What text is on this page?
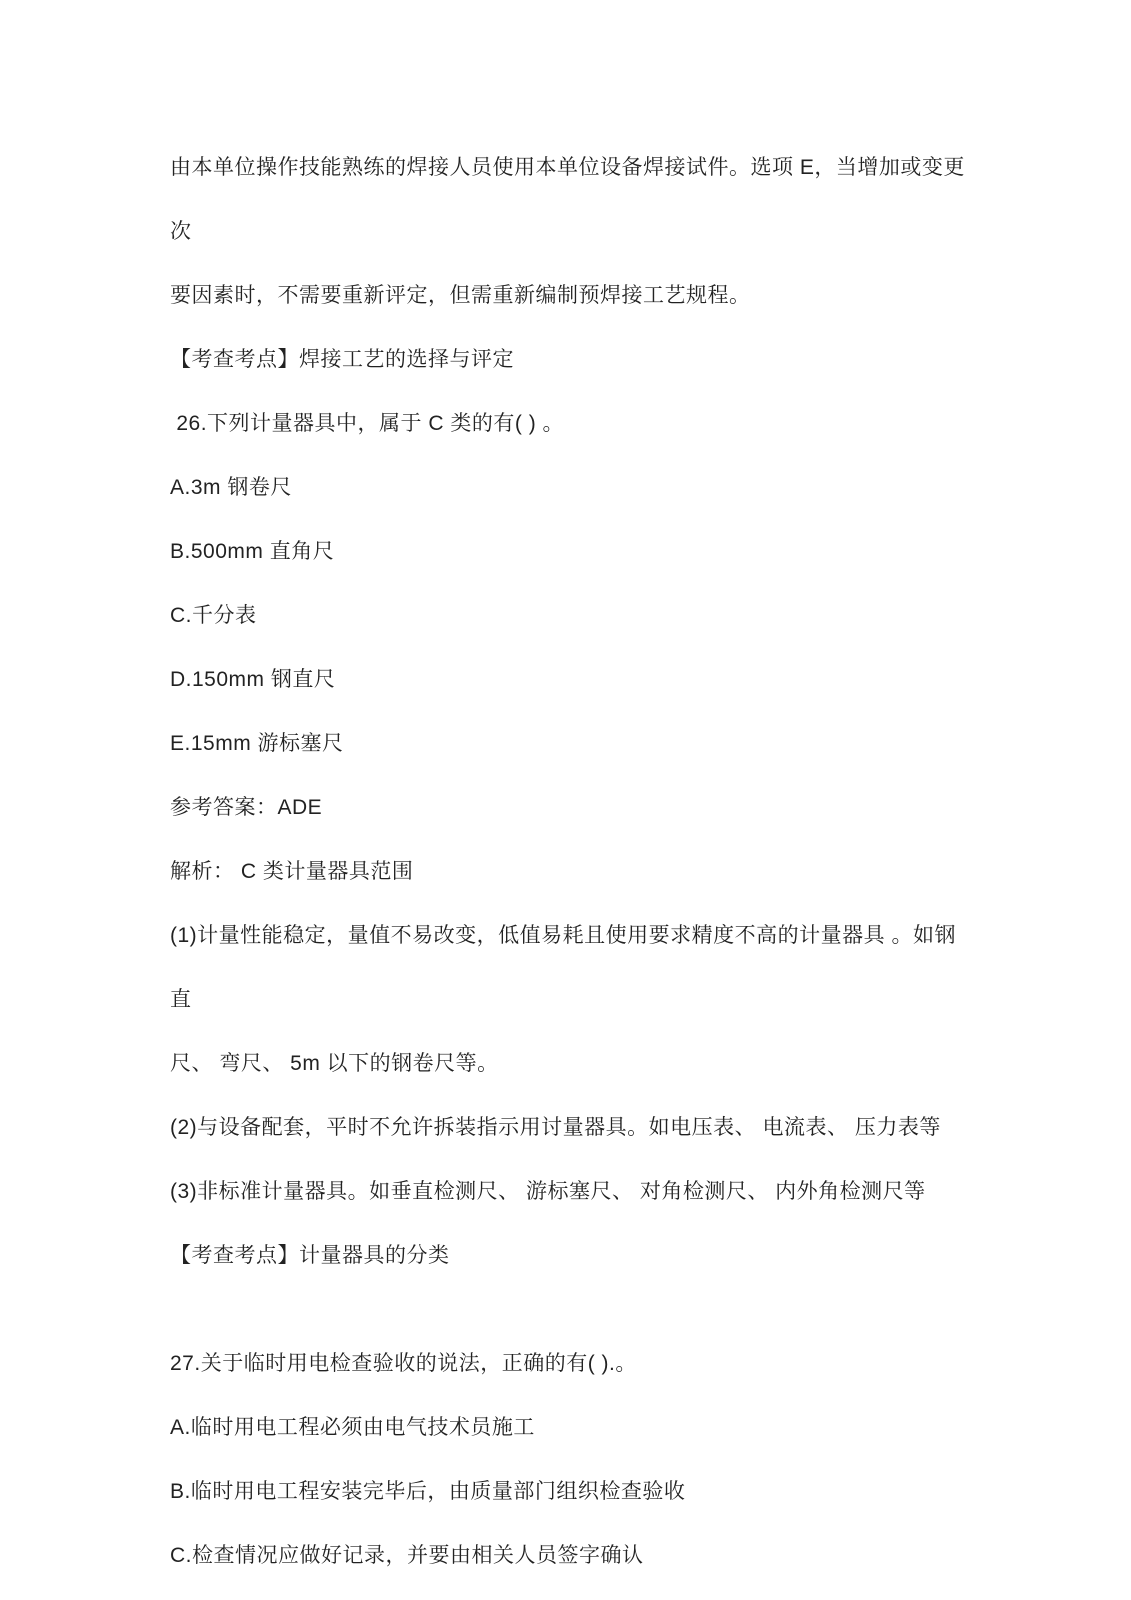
由本单位操作技能熟练的焊接人员使用本单位设备焊接试件。选项 E，当增加或变更次

要因素时，不需要重新评定，但需重新编制预焊接工艺规程。

【考查考点】焊接工艺的选择与评定

26.下列计量器具中，属于 C 类的有( ) 。

A.3m 钢卷尺

B.500mm 直角尺

C.千分表

D.150mm 钢直尺

E.15mm 游标塞尺

参考答案：ADE

解析： C 类计量器具范围

(1)计量性能稳定，量值不易改变，低值易耗且使用要求精度不高的计量器具 。如钢直

尺、 弯尺、 5m 以下的钢卷尺等。

(2)与设备配套，平时不允许拆装指示用讨量器具。如电压表、 电流表、 压力表等

(3)非标准计量器具。如垂直检测尺、 游标塞尺、 对角检测尺、 内外角检测尺等

【考查考点】计量器具的分类

27.关于临时用电检查验收的说法，正确的有( ).。

A.临时用电工程必须由电气技术员施工

B.临时用电工程安装完毕后，由质量部门组织检查验收

C.检查情况应做好记录，并要由相关人员签字确认
